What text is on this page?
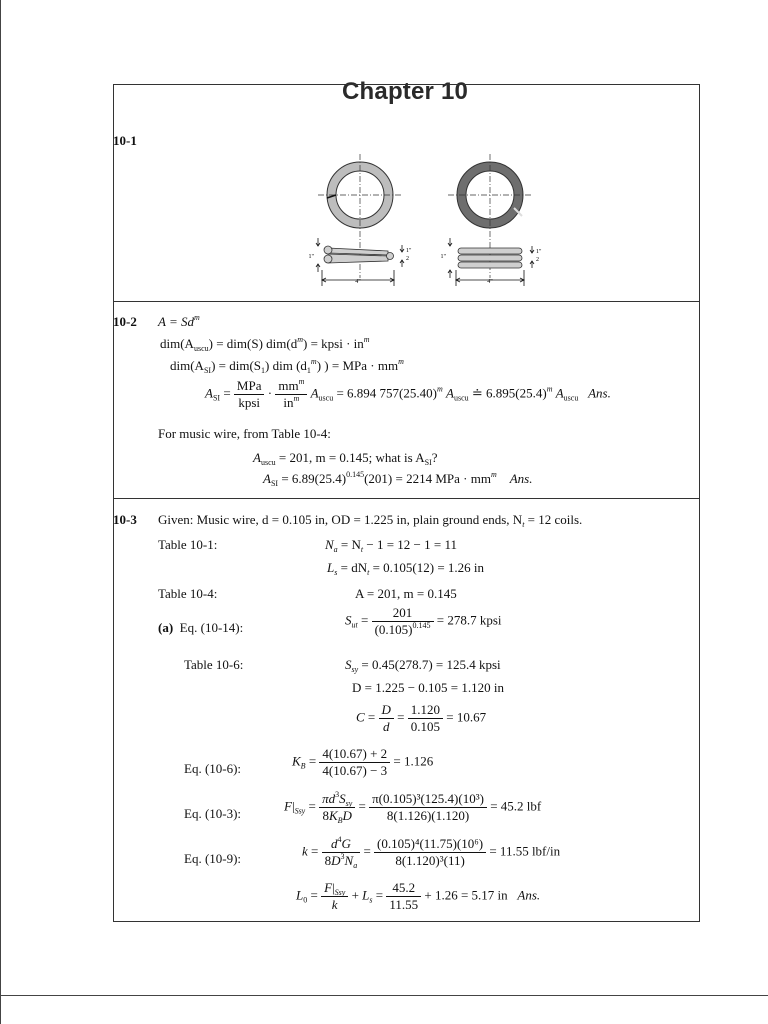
Chapter 10
10-1
1"
1"
2
4"
1"
1"
2
4"
10-2 $A = Sd^m$
$dim(A_{uscu}) = dim(S) dim(d^m)$ = kpsi · $in^m$
$dim(A_{SI}) = dim(S_1)$ dim $(d_1^m)$ ) = MPa · $mm^m$
$A_{SI} = \frac{\text{MPa}}{\text{kpsi}} \cdot \frac{mm^m}{in^m} A_{uscu} = 6.894$ $757(25.40)^m$ $A_{uscu}$ ≐ $6.895(25.4)^m$ $A_{uscu}$ Ans.
For music wire, from Table 10-4:
$A_{uscu} = 201$, m = 0.145; what is $A_{SI}$?
$A_{SI} = 6.89(25.4)^{0.145}(201) = 2214$ MPa · $mm^m$ Ans.
10-3 Given: Music wire, d = 0.105 in, OD = 1.225 in, plain ground ends, $N_t = 12$ coils.
Table 10-1:	$N_a = N_t - 1 = 12 - 1 = 11$
$L_s = dN_t = 0.105(12) = 1.26$ in
Table 10-4:	A = 201, m = 0.145
(a) Eq. (10-14):
$S_{ut} = \frac{201}{(0.105)^{0.145}} = 278.7$ kpsi
Table 10-6:	$S_{sy} = 0.45(278.7) = 125.4$ kpsi
D = 1.225 − 0.105 = 1.120 in
$C = \frac{D}{d} = \frac{1.120}{0.105} = 10.67$
Eq. (10-6):
$K_B = \frac{4(10.67) + 2}{4(10.67) - 3} = 1.126$
Eq. (10-3):
$F|_{Ssy} = \frac{\pi d^3S_{sy}}{8K_BD} = \frac{\text{π(0.105)³(125.4)(10³)}}{8(1.126)(1.120)} = 45.2$ lbf
Eq. (10-9):
$k = \frac{d^4G}{8D^3N_a} = \frac{\text{(0.105)⁴(11.75)(10⁶)}}{\text{8(1.120)³(11)}} = 11.55$ lbf/in
$L_0 = \frac{F|_{Ssy}}{k} + L_s = \frac{45.2}{11.55} + 1.26 = 5.17$ in Ans.
